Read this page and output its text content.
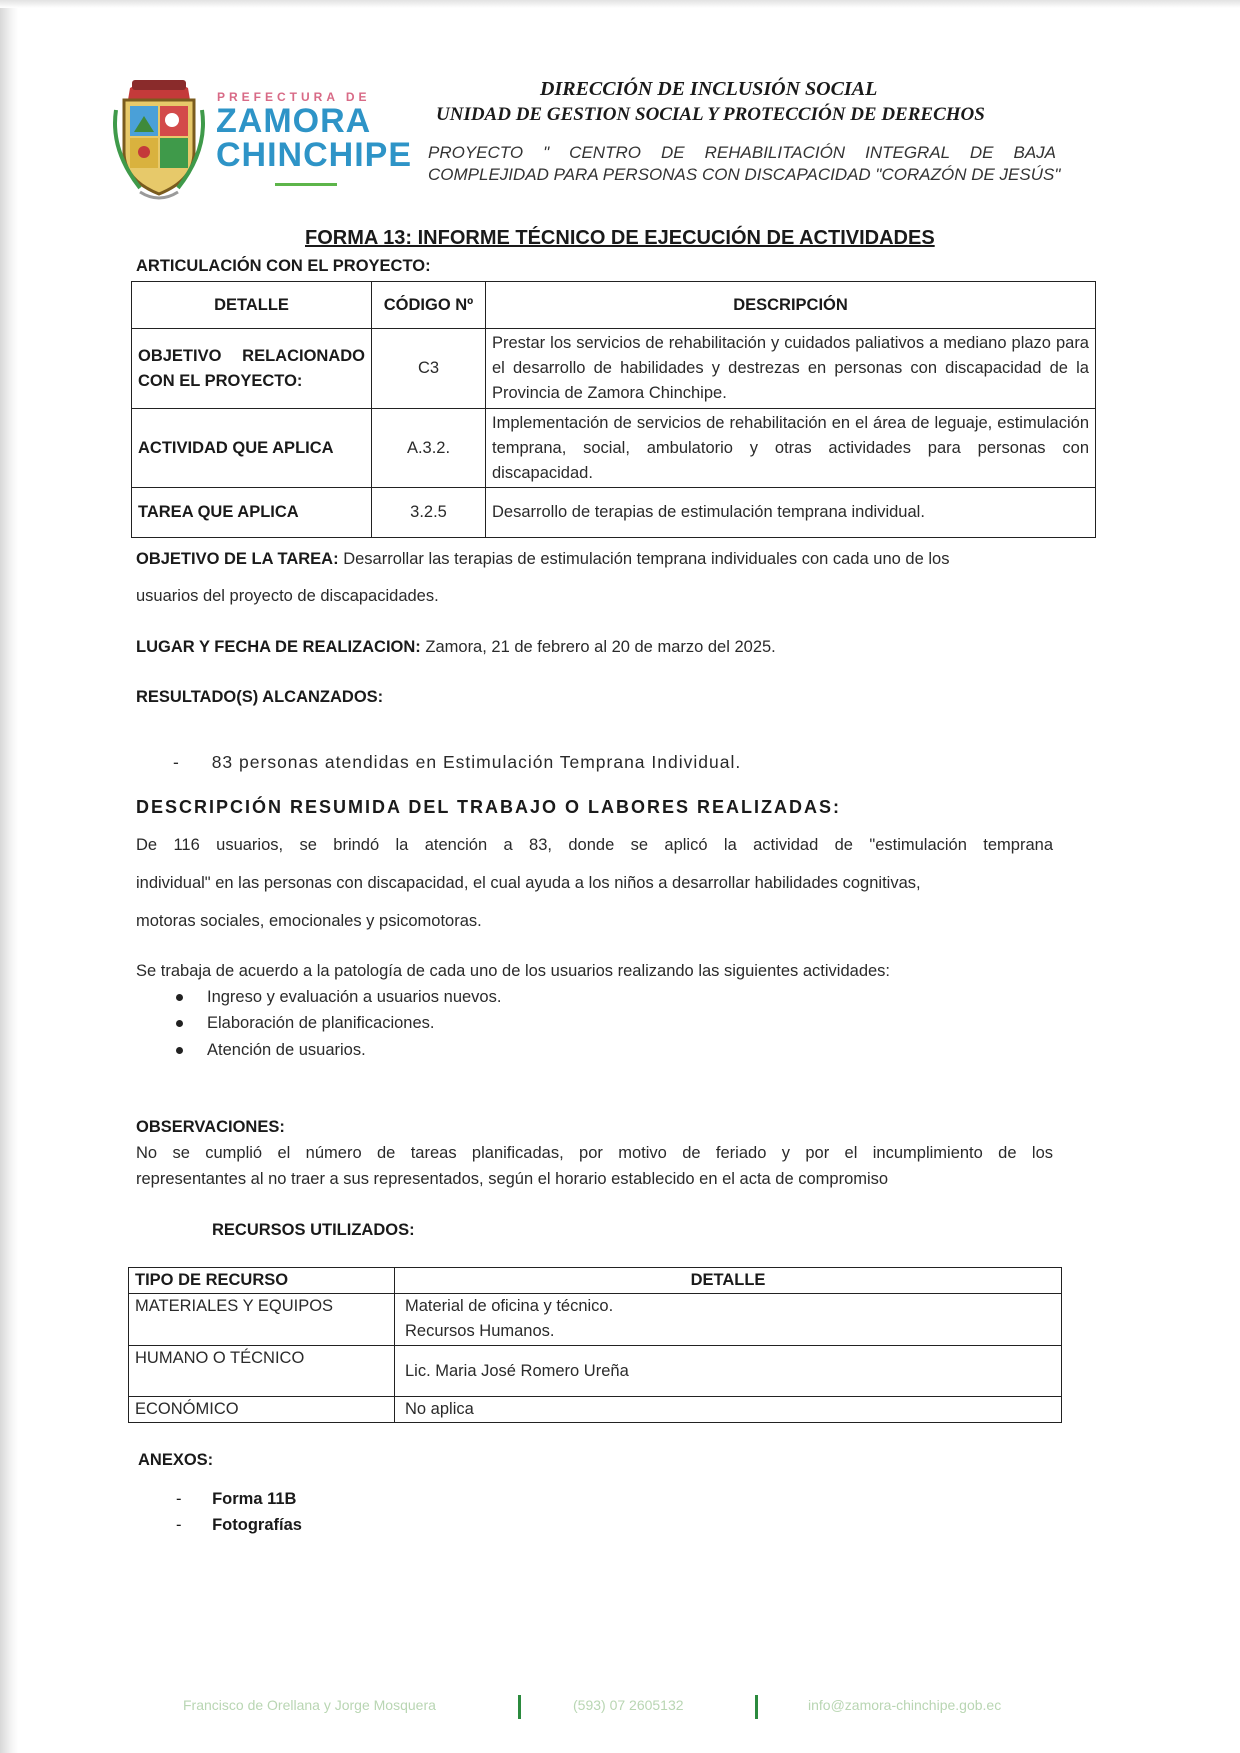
PREFECTURA DE
ZAMORA
CHINCHIPE
DIRECCIÓN DE INCLUSIÓN SOCIAL
UNIDAD DE GESTION SOCIAL Y PROTECCIÓN DE DERECHOS
PROYECTO " CENTRO DE REHABILITACIÓN INTEGRAL DE BAJA
COMPLEJIDAD PARA PERSONAS CON DISCAPACIDAD "CORAZÓN DE JESÚS"
FORMA 13: INFORME TÉCNICO DE EJECUCIÓN DE ACTIVIDADES
ARTICULACIÓN CON EL PROYECTO:
DETALLE	CÓDIGO Nº	DESCRIPCIÓN
OBJETIVO RELACIONADO CON EL PROYECTO:	C3	Prestar los servicios de rehabilitación y cuidados paliativos a mediano plazo para el desarrollo de habilidades y destrezas en personas con discapacidad de la Provincia de Zamora Chinchipe.
ACTIVIDAD QUE APLICA	A.3.2.	Implementación de servicios de rehabilitación en el área de leguaje, estimulación temprana, social, ambulatorio y otras actividades para personas con discapacidad.
TAREA QUE APLICA	3.2.5	Desarrollo de terapias de estimulación temprana individual.
OBJETIVO DE LA TAREA: Desarrollar las terapias de estimulación temprana individuales con cada uno de los
usuarios del proyecto de discapacidades.
LUGAR Y FECHA DE REALIZACION: Zamora, 21 de febrero al 20 de marzo del 2025.
RESULTADO(S) ALCANZADOS:
- 83 personas atendidas en Estimulación Temprana Individual.
DESCRIPCIÓN RESUMIDA DEL TRABAJO O LABORES REALIZADAS:
De 116 usuarios, se brindó la atención a 83, donde se aplicó la actividad de "estimulación temprana
individual" en las personas con discapacidad, el cual ayuda a los niños a desarrollar habilidades cognitivas,
motoras sociales, emocionales y psicomotoras.
Se trabaja de acuerdo a la patología de cada uno de los usuarios realizando las siguientes actividades:
Ingreso y evaluación a usuarios nuevos.
Elaboración de planificaciones.
Atención de usuarios.
OBSERVACIONES:
No se cumplió el número de tareas planificadas, por motivo de feriado y por el incumplimiento de los
representantes al no traer a sus representados, según el horario establecido en el acta de compromiso
RECURSOS UTILIZADOS:
TIPO DE RECURSO	DETALLE
MATERIALES Y EQUIPOS	Material de oficina y técnico.
Recursos Humanos.

HUMANO O TÉCNICO	Lic. Maria José Romero Ureña
ECONÓMICO	No aplica
ANEXOS:
- Forma 11B
- Fotografías
Francisco de Orellana y Jorge Mosquera	(593) 07 2605132	info@zamora-chinchipe.gob.ec
